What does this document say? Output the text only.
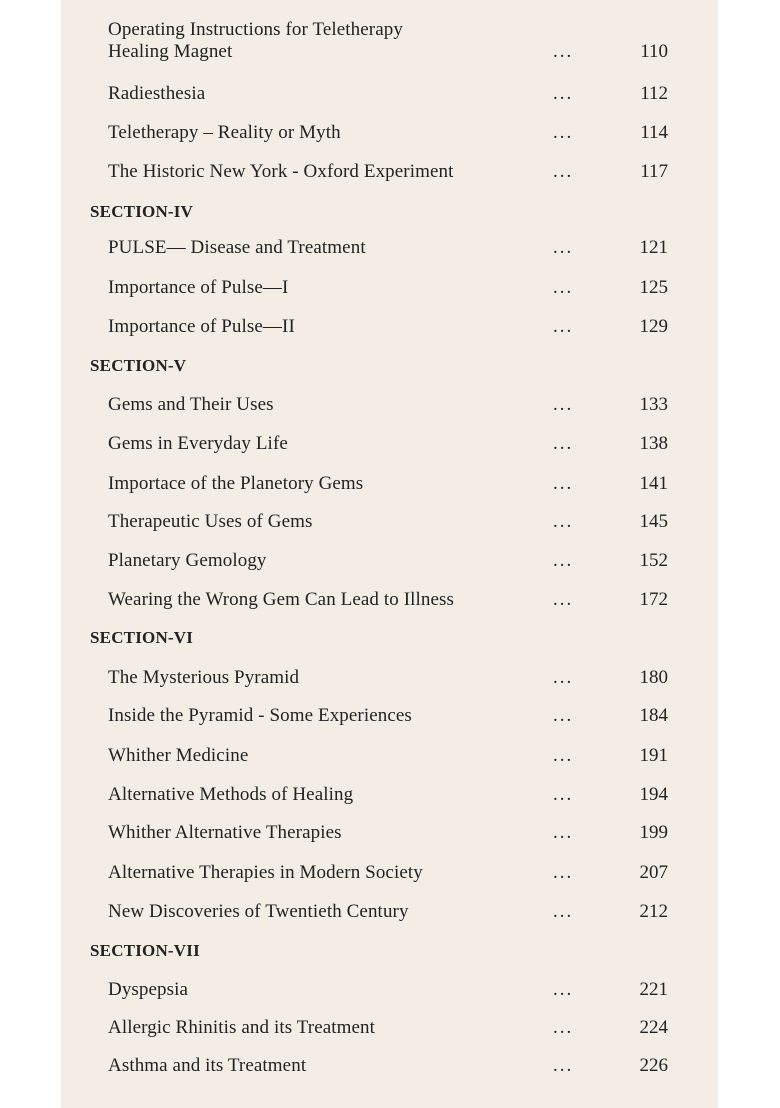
Operating Instructions for Teletherapy
Healing Magnet	...	110
Radiesthesia	...	112
Teletherapy – Reality or Myth	...	114
The Historic New York - Oxford Experiment	...	117
SECTION-IV
PULSE— Disease and Treatment	...	121
Importance of Pulse—I	...	125
Importance of Pulse—II	...	129
SECTION-V
Gems and Their Uses	...	133
Gems in Everyday Life	...	138
Importace of the Planetory Gems	...	141
Therapeutic Uses of Gems	...	145
Planetary Gemology	...	152
Wearing the Wrong Gem Can Lead to Illness	...	172
SECTION-VI
The Mysterious Pyramid	...	180
Inside the Pyramid - Some Experiences	...	184
Whither Medicine	...	191
Alternative Methods of Healing	...	194
Whither Alternative Therapies	...	199
Alternative Therapies in Modern Society	...	207
New Discoveries of Twentieth Century	...	212
SECTION-VII
Dyspepsia	...	221
Allergic Rhinitis and its Treatment	...	224
Asthma and its Treatment	...	226
